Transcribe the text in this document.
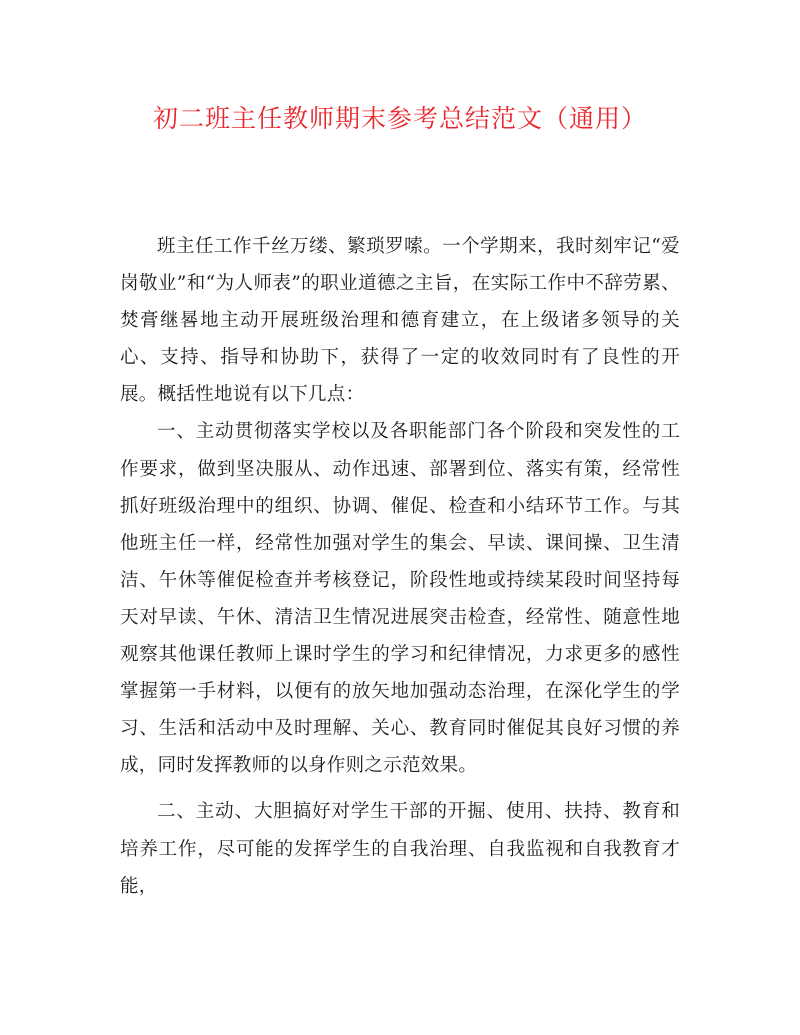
初二班主任教师期末参考总结范文（通用）

班主任工作千丝万缕、繁琐罗嗦。一个学期来，我时刻牢记“爱岗敬业”和“为人师表”的职业道德之主旨，在实际工作中不辞劳累、焚膏继晷地主动开展班级治理和德育建立，在上级诸多领导的关心、支持、指导和协助下，获得了一定的收效同时有了良性的开展。概括性地说有以下几点：

一、主动贯彻落实学校以及各职能部门各个阶段和突发性的工作要求，做到坚决服从、动作迅速、部署到位、落实有策，经常性抓好班级治理中的组织、协调、催促、检查和小结环节工作。与其他班主任一样，经常性加强对学生的集会、早读、课间操、卫生清洁、午休等催促检查并考核登记，阶段性地或持续某段时间坚持每天对早读、午休、清洁卫生情况进展突击检查，经常性、随意性地观察其他课任教师上课时学生的学习和纪律情况，力求更多的感性掌握第一手材料，以便有的放矢地加强动态治理，在深化学生的学习、生活和活动中及时理解、关心、教育同时催促其良好习惯的养成，同时发挥教师的以身作则之示范效果。

二、主动、大胆搞好对学生干部的开掘、使用、扶持、教育和培养工作，尽可能的发挥学生的自我治理、自我监视和自我教育才能，
